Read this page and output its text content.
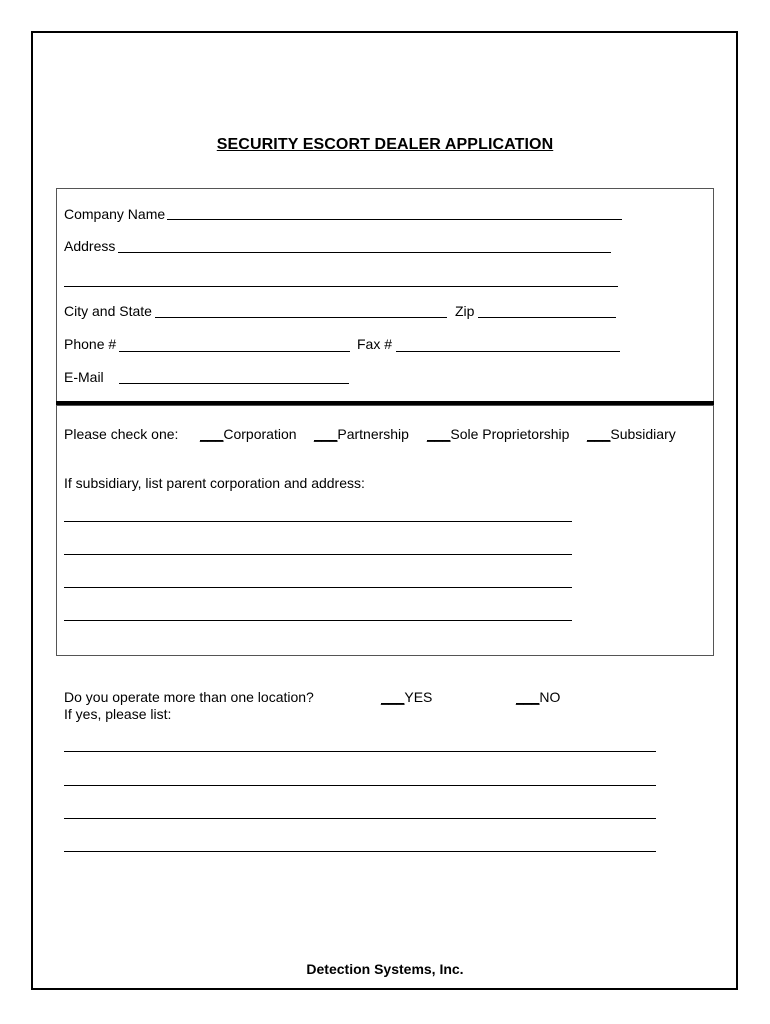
SECURITY ESCORT DEALER APPLICATION
Company Name
Address
City and State	Zip
Phone #	Fax #
E-Mail
Please check one: ___Corporation ___Partnership ___Sole Proprietorship ___Subsidiary
If subsidiary, list parent corporation and address:
Do you operate more than one location?	___YES	___NO
If yes, please list:
Detection Systems, Inc.
